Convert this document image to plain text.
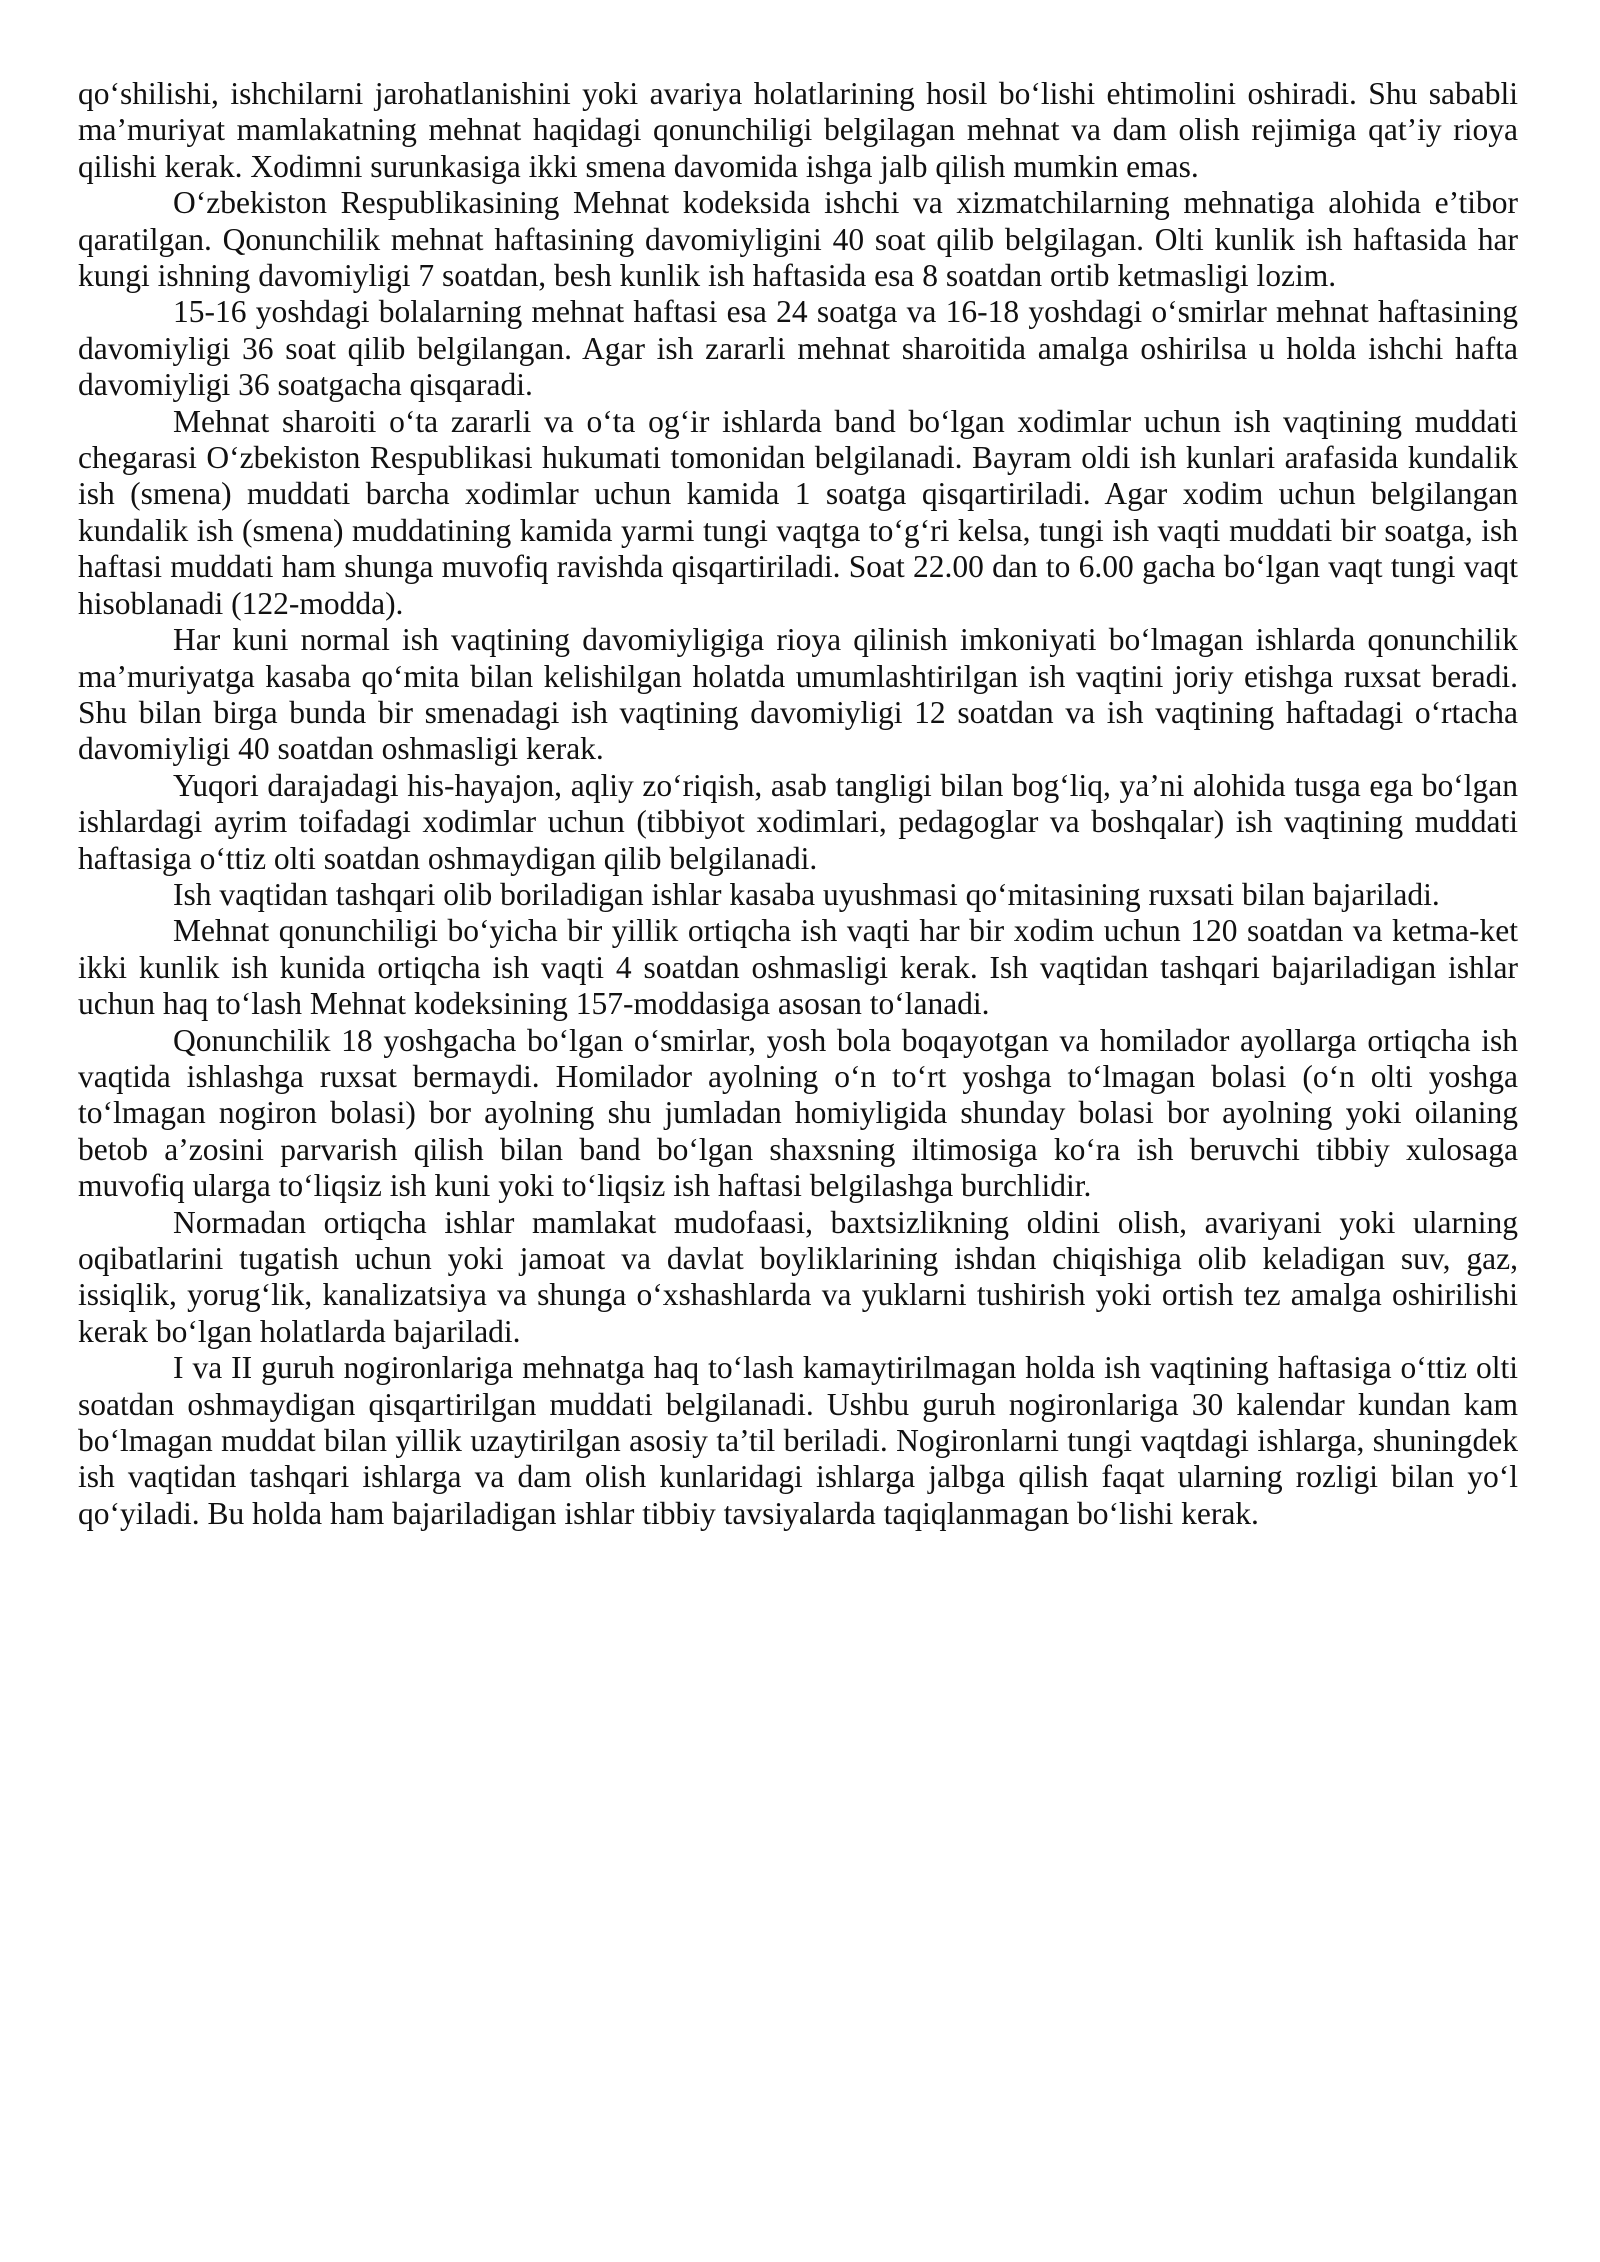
qo‘shilishi, ishchilarni jarohatlanishini yoki avariya holatlarining hosil bo‘lishi ehtimolini oshiradi. Shu sababli ma’muriyat mamlakatning mehnat haqidagi qonunchiligi belgilagan mehnat va dam olish rejimiga qat’iy rioya qilishi kerak. Xodimni surunkasiga ikki smena davomida ishga jalb qilish mumkin emas.

O‘zbekiston Respublikasining Mehnat kodeksida ishchi va xizmatchilarning mehnatiga alohida e’tibor qaratilgan. Qonunchilik mehnat haftasining davomiyligini 40 soat qilib belgilagan. Olti kunlik ish haftasida har kungi ishning davomiyligi 7 soatdan, besh kunlik ish haftasida esa 8 soatdan ortib ketmasligi lozim.

15-16 yoshdagi bolalarning mehnat haftasi esa 24 soatga va 16-18 yoshdagi o‘smirlar mehnat haftasining davomiyligi 36 soat qilib belgilangan. Agar ish zararli mehnat sharoitida amalga oshirilsa u holda ishchi hafta davomiyligi 36 soatgacha qisqaradi.

Mehnat sharoiti o‘ta zararli va o‘ta og‘ir ishlarda band bo‘lgan xodimlar uchun ish vaqtining muddati chegarasi O‘zbekiston Respublikasi hukumati tomonidan belgilanadi. Bayram oldi ish kunlari arafasida kundalik ish (smena) muddati barcha xodimlar uchun kamida 1 soatga qisqartiriladi. Agar xodim uchun belgilangan kundalik ish (smena) muddatining kamida yarmi tungi vaqtga to‘g‘ri kelsa, tungi ish vaqti muddati bir soatga, ish haftasi muddati ham shunga muvofiq ravishda qisqartiriladi. Soat 22.00 dan to 6.00 gacha bo‘lgan vaqt tungi vaqt hisoblanadi (122-modda).

Har kuni normal ish vaqtining davomiyligiga rioya qilinish imkoniyati bo‘lmagan ishlarda qonunchilik ma’muriyatga kasaba qo‘mita bilan kelishilgan holatda umumlashtirilgan ish vaqtini joriy etishga ruxsat beradi. Shu bilan birga bunda bir smenadagi ish vaqtining davomiyligi 12 soatdan va ish vaqtining haftadagi o‘rtacha davomiyligi 40 soatdan oshmasligi kerak.

Yuqori darajadagi his-hayajon, aqliy zo‘riqish, asab tangligi bilan bog‘liq, ya’ni alohida tusga ega bo‘lgan ishlardagi ayrim toifadagi xodimlar uchun (tibbiyot xodimlari, pedagoglar va boshqalar) ish vaqtining muddati haftasiga o‘ttiz olti soatdan oshmaydigan qilib belgilanadi.

Ish vaqtidan tashqari olib boriladigan ishlar kasaba uyushmasi qo‘mitasining ruxsati bilan bajariladi.

Mehnat qonunchiligi bo‘yicha bir yillik ortiqcha ish vaqti har bir xodim uchun 120 soatdan va ketma-ket ikki kunlik ish kunida ortiqcha ish vaqti 4 soatdan oshmasligi kerak. Ish vaqtidan tashqari bajariladigan ishlar uchun haq to‘lash Mehnat kodeksining 157-moddasiga asosan to‘lanadi.

Qonunchilik 18 yoshgacha bo‘lgan o‘smirlar, yosh bola boqayotgan va homilador ayollarga ortiqcha ish vaqtida ishlashga ruxsat bermaydi. Homilador ayolning o‘n to‘rt yoshga to‘lmagan bolasi (o‘n olti yoshga to‘lmagan nogiron bolasi) bor ayolning shu jumladan homiyligida shunday bolasi bor ayolning yoki oilaning betob a’zosini parvarish qilish bilan band bo‘lgan shaxsning iltimosiga ko‘ra ish beruvchi tibbiy xulosaga muvofiq ularga to‘liqsiz ish kuni yoki to‘liqsiz ish haftasi belgilashga burchlidir.

Normadan ortiqcha ishlar mamlakat mudofaasi, baxtsizlikning oldini olish, avariyani yoki ularning oqibatlarini tugatish uchun yoki jamoat va davlat boyliklarining ishdan chiqishiga olib keladigan suv, gaz, issiqlik, yorug‘lik, kanalizatsiya va shunga o‘xshashlarda va yuklarni tushirish yoki ortish tez amalga oshirilishi kerak bo‘lgan holatlarda bajariladi.

I va II guruh nogironlariga mehnatga haq to‘lash kamaytirilmagan holda ish vaqtining haftasiga o‘ttiz olti soatdan oshmaydigan qisqartirilgan muddati belgilanadi. Ushbu guruh nogironlariga 30 kalendar kundan kam bo‘lmagan muddat bilan yillik uzaytirilgan asosiy ta’til beriladi. Nogironlarni tungi vaqtdagi ishlarga, shuningdek ish vaqtidan tashqari ishlarga va dam olish kunlaridagi ishlarga jalbga qilish faqat ularning rozligi bilan yo‘l qo‘yiladi. Bu holda ham bajariladigan ishlar tibbiy tavsiyalarda taqiqlanmagan bo‘lishi kerak.
